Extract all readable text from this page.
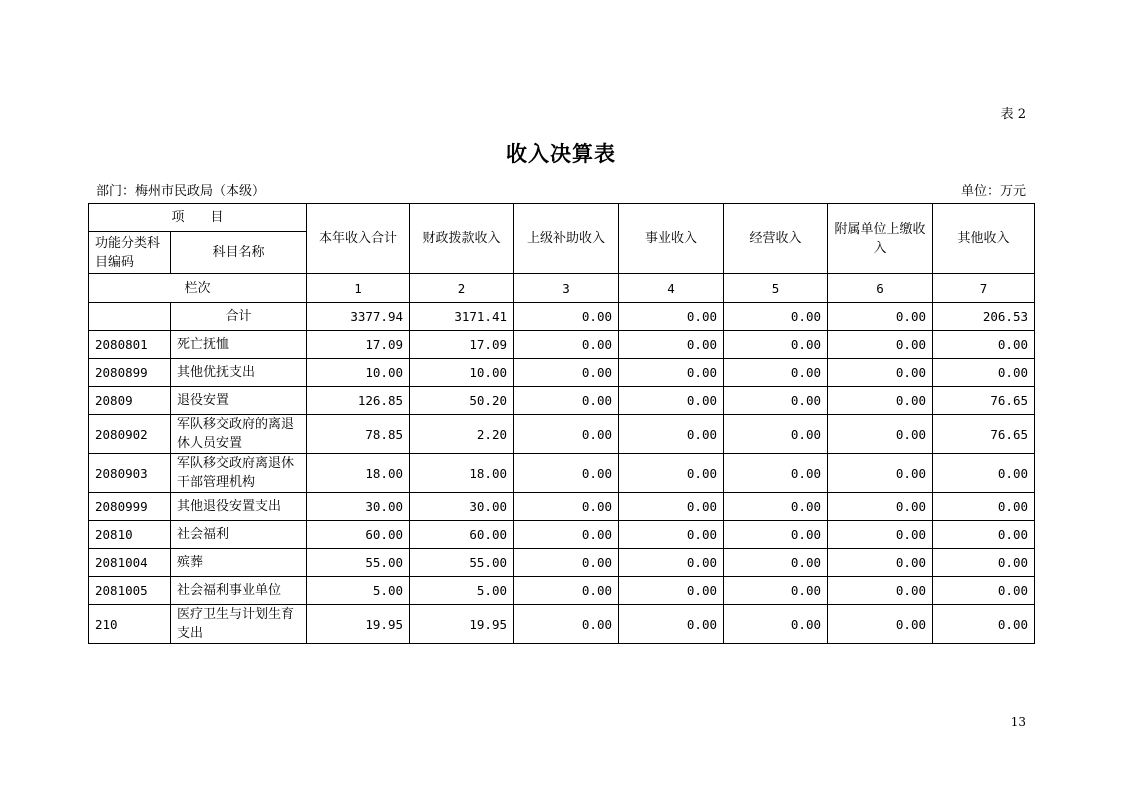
表 2
收入决算表
部门：梅州市民政局（本级）	单位：万元
项　　目		本年收入合计	财政拨款收入	上级补助收入	事业收入	经营收入	附属单位上缴收入	其他收入
功能分类科目编码	科目名称							
栏次		1	2	3	4	5	6	7
	合计	3377.94	3171.41	0.00	0.00	0.00	0.00	206.53
2080801	死亡抚恤	17.09	17.09	0.00	0.00	0.00	0.00	0.00
2080899	其他优抚支出	10.00	10.00	0.00	0.00	0.00	0.00	0.00
20809	退役安置	126.85	50.20	0.00	0.00	0.00	0.00	76.65
2080902	军队移交政府的离退休人员安置	78.85	2.20	0.00	0.00	0.00	0.00	76.65
2080903	军队移交政府离退休干部管理机构	18.00	18.00	0.00	0.00	0.00	0.00	0.00
2080999	其他退役安置支出	30.00	30.00	0.00	0.00	0.00	0.00	0.00
20810	社会福利	60.00	60.00	0.00	0.00	0.00	0.00	0.00
2081004	殡葬	55.00	55.00	0.00	0.00	0.00	0.00	0.00
2081005	社会福利事业单位	5.00	5.00	0.00	0.00	0.00	0.00	0.00
210	医疗卫生与计划生育支出	19.95	19.95	0.00	0.00	0.00	0.00	0.00
13
